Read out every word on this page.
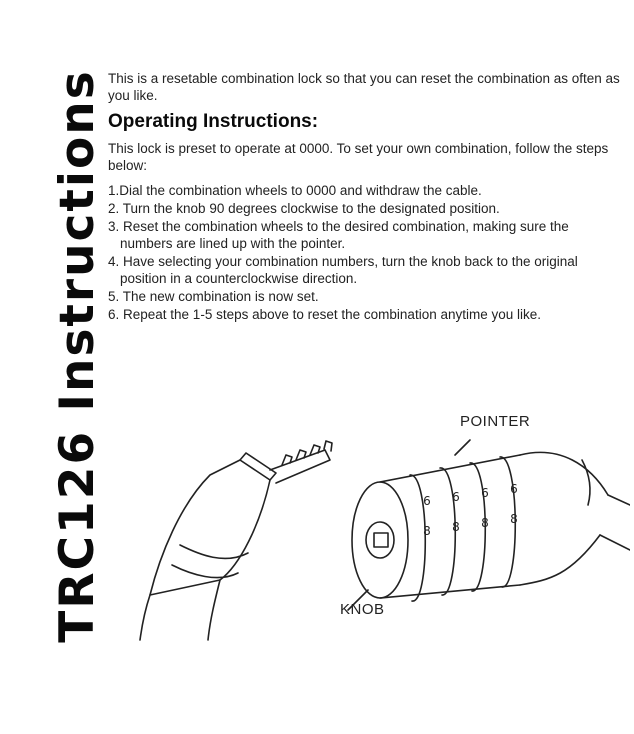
TRC126 Instructions This is a resetable combination lock so that you can reset the combination as often as you like.

Operating Instructions:

This lock is preset to operate at 0000. To set your own combination, follow the steps below:

1.Dial the combination wheels to 0000 and withdraw the cable.
2. Turn the knob 90 degrees clockwise to the designated position.
3. Reset the combination wheels to the desired combination, making sure the numbers are lined up with the pointer.
4. Have selecting your combination numbers, turn the knob back to the original position in a counterclockwise direction.
5. The new combination is now set.
6. Repeat the 1-5 steps above to reset the combination anytime you like.
6 6 6 6
8 8 8 8
POINTER
KNOB
